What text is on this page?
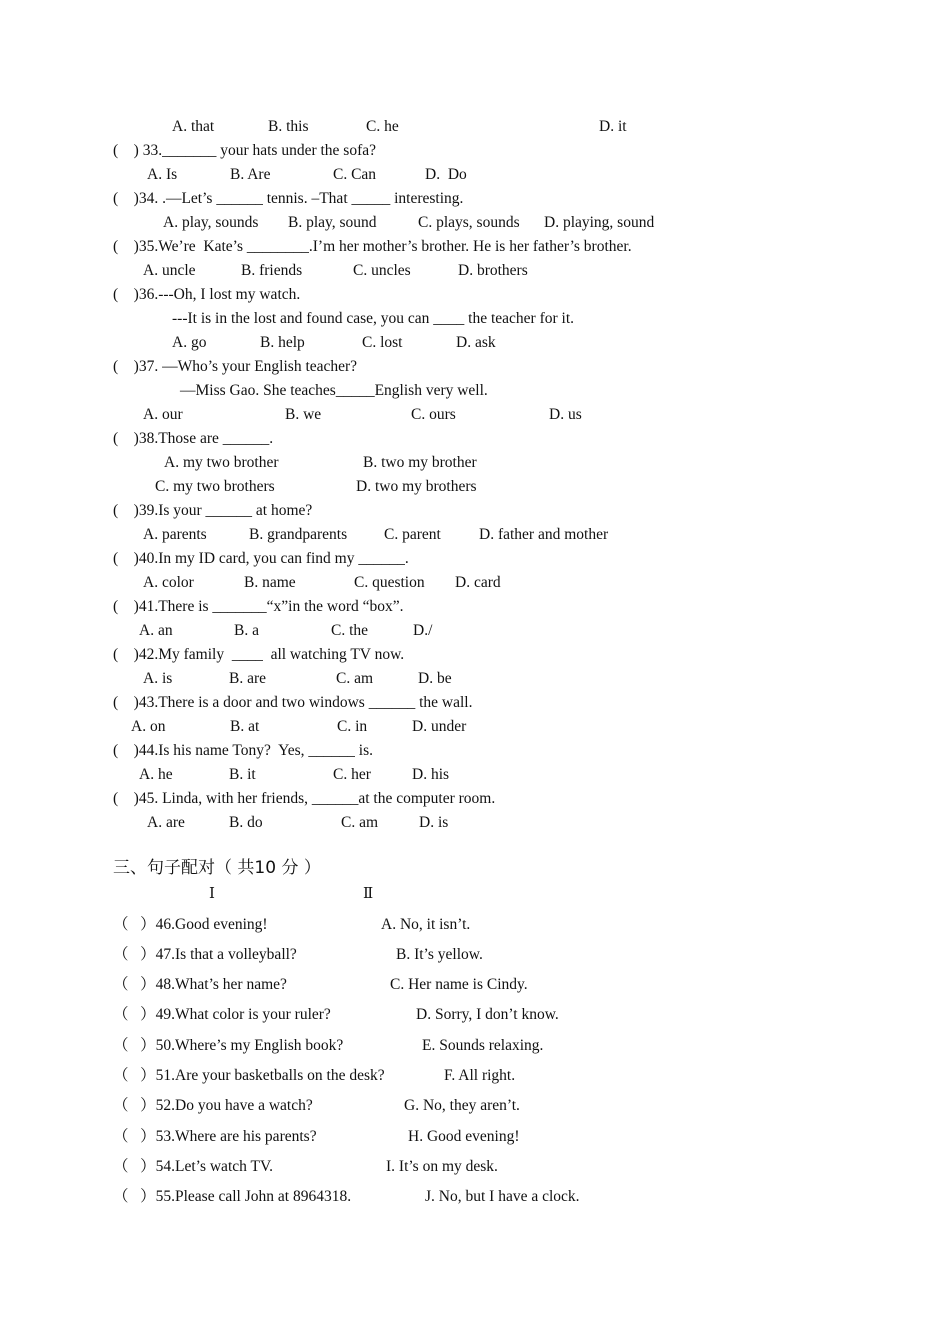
A. that	B. this	C. he	D. it
(    ) 33._______ your hats under the sofa?
A. Is	B. Are	C. Can	D.  Do
(    )34. .—Let’s ______ tennis. –That _____ interesting.
A. play, sounds B. play, sound	C. plays, sounds D. playing, sound
(    )35.We’re  Kate’s ________.I’m her mother’s brother. He is her father’s brother.
A. uncle	B. friends	C. uncles	D. brothers
(    )36.---Oh, I lost my watch.
---It is in the lost and found case, you can ____ the teacher for it.
A. go	B. help	C. lost	D. ask
(    )37. —Who’s your English teacher?
—Miss Gao. She teaches_____English very well.
A. our	B. we	C. ours	D. us
(    )38.Those are ______.
A. my two brother	B. two my brother
C. my two brothers	D. two my brothers
(    )39.Is your ______ at home?
A. parents	B. grandparents C. parent D. father and mother
(    )40.In my ID card, you can find my ______.
A. color	B. name	C. question D. card
(    )41.There is _______“x”in the word “box”.
A. an	B. a	C. the	D./
(    )42.My family  ____  all watching TV now.
A. is	B. are	C. am	D. be
(    )43.There is a door and two windows ______ the wall.
A. on	B. at	C. in	D. under
(    )44.Is his name Tony?  Yes, ______ is.
A. he	B. it	C. her	D. his
(    )45. Linda, with her friends, ______at the computer room.
A. are	B. do	C. am	D. is
三、句子配对（ 共10 分 ）
Ⅰ	Ⅱ
（   ）46.Good evening!	A. No, it isn’t.
（   ）47.Is that a volleyball?	B. It’s yellow.
（   ）48.What’s her name?	C. Her name is Cindy.
（   ）49.What color is your ruler?	D. Sorry, I don’t know.
（   ）50.Where’s my English book?	E. Sounds relaxing.
（   ）51.Are your basketballs on the desk?	F. All right.
（   ）52.Do you have a watch?	G. No, they aren’t.
（   ）53.Where are his parents?	H. Good evening!
（   ）54.Let’s watch TV.	I. It’s on my desk.
（   ）55.Please call John at 8964318.	J. No, but I have a clock.
